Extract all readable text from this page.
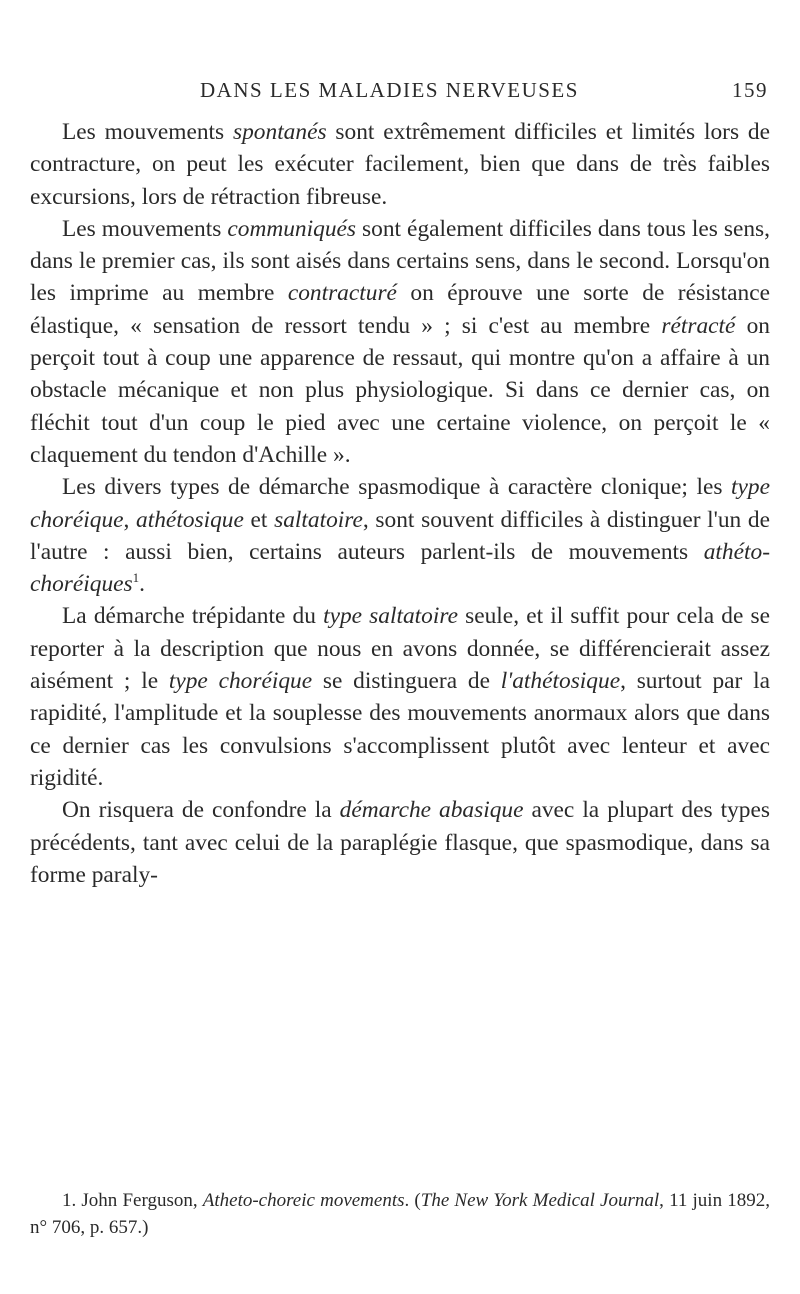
DANS LES MALADIES NERVEUSES	159

Les mouvements spontanés sont extrêmement difficiles et limités lors de contracture, on peut les exécuter facilement, bien que dans de très faibles excursions, lors de rétraction fibreuse.

Les mouvements communiqués sont également difficiles dans tous les sens, dans le premier cas, ils sont aisés dans certains sens, dans le second. Lorsqu'on les imprime au membre contracturé on éprouve une sorte de résistance élastique, « sensation de ressort tendu » ; si c'est au membre rétracté on perçoit tout à coup une apparence de ressaut, qui montre qu'on a affaire à un obstacle mécanique et non plus physiologique. Si dans ce dernier cas, on fléchit tout d'un coup le pied avec une certaine violence, on perçoit le « claquement du tendon d'Achille ».

Les divers types de démarche spasmodique à caractère clonique; les type choréique, athétosique et saltatoire, sont souvent difficiles à distinguer l'un de l'autre : aussi bien, certains auteurs parlent-ils de mouvements athéto-choréiques$^1$.

La démarche trépidante du type saltatoire seule, et il suffit pour cela de se reporter à la description que nous en avons donnée, se différencierait assez aisément ; le type choréique se distinguera de l'athétosique, surtout par la rapidité, l'amplitude et la souplesse des mouvements anormaux alors que dans ce dernier cas les convulsions s'accomplissent plutôt avec lenteur et avec rigidité.

On risquera de confondre la démarche abasique avec la plupart des types précédents, tant avec celui de la paraplégie flasque, que spasmodique, dans sa forme paraly-

1. John Ferguson, Atheto-choreic movements. (The New York Medical Journal, 11 juin 1892, n° 706, p. 657.)
